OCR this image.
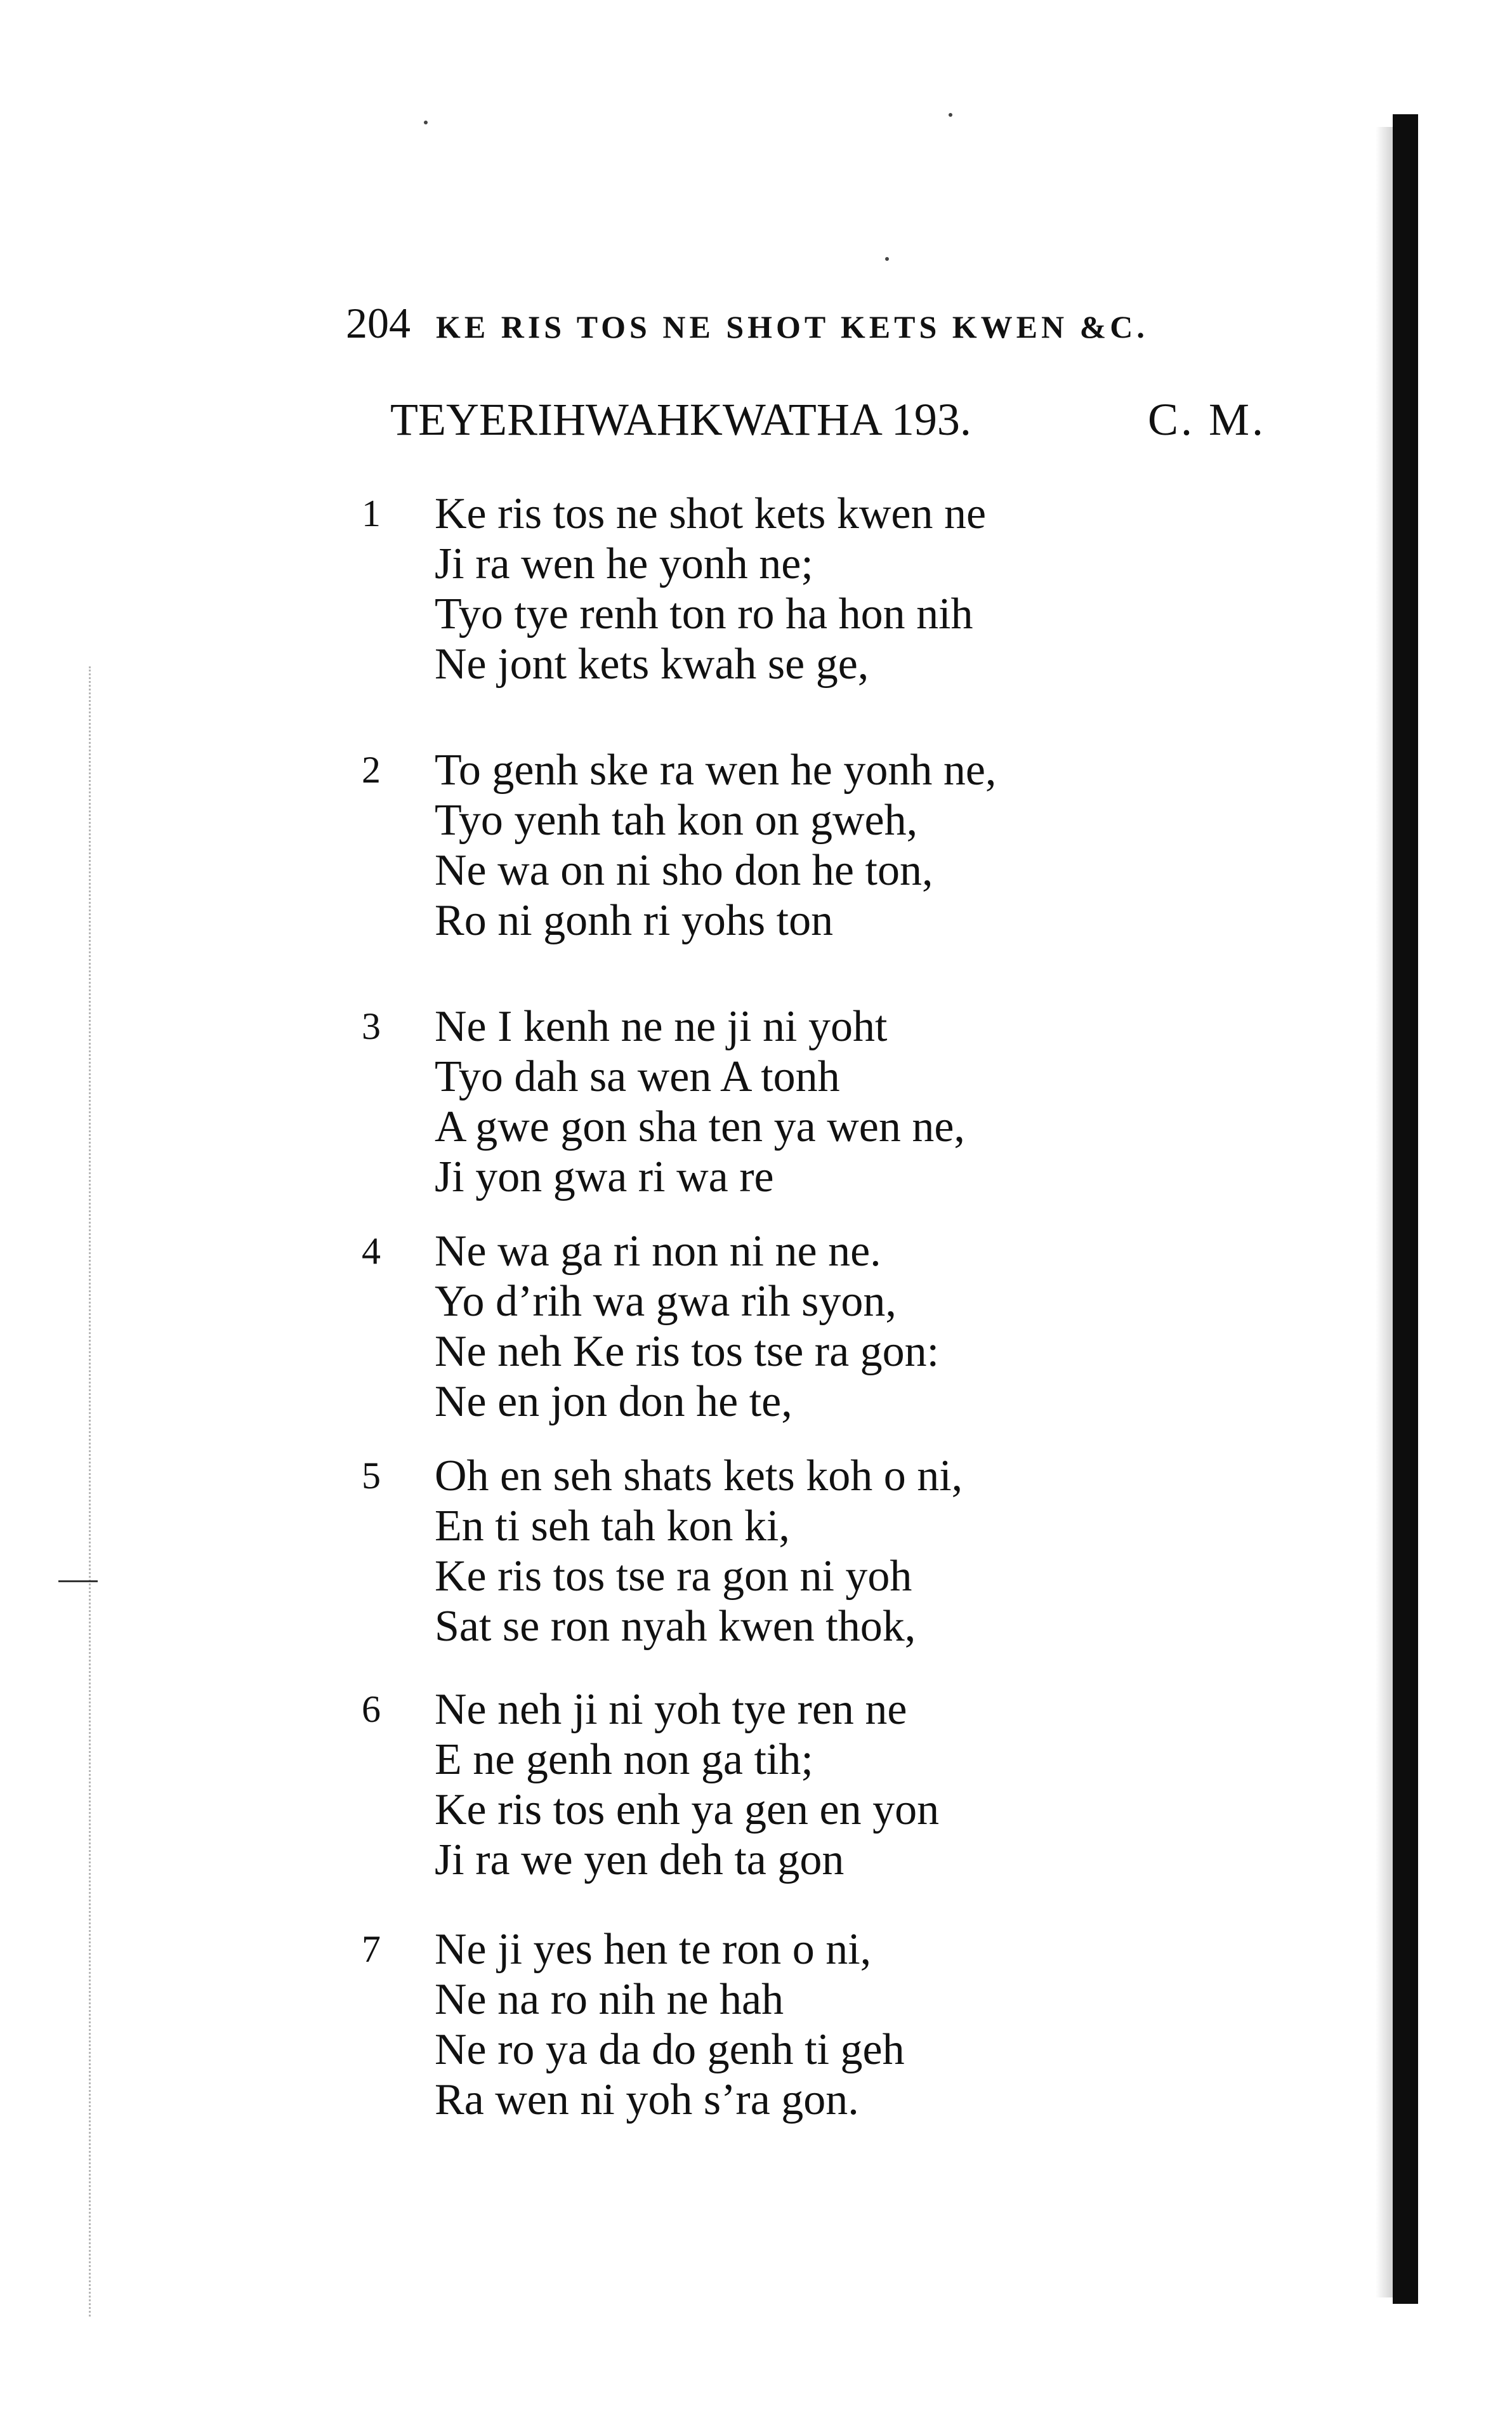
204 KE RIS TOS NE SHOT KETS KWEN &C.
TEYERIHWAHKWATHA 193.	C. M.
1 Ke ris tos ne shot kets kwen ne
Ji ra wen he yonh ne;
Tyo tye renh ton ro ha hon nih
Ne jont kets kwah se ge,
2 To genh ske ra wen he yonh ne,
Tyo yenh tah kon on gweh,
Ne wa on ni sho don he ton,
Ro ni gonh ri yohs ton
3 Ne I kenh ne ne ji ni yoht
Tyo dah sa wen A tonh
A gwe gon sha ten ya wen ne,
Ji yon gwa ri wa re
4 Ne wa ga ri non ni ne ne.
Yo d’rih wa gwa rih syon,
Ne neh Ke ris tos tse ra gon:
Ne en jon don he te,
5 Oh en seh shats kets koh o ni,
En ti seh tah kon ki,
Ke ris tos tse ra gon ni yoh
Sat se ron nyah kwen thok,
6 Ne neh ji ni yoh tye ren ne
E ne genh non ga tih;
Ke ris tos enh ya gen en yon
Ji ra we yen deh ta gon
7 Ne ji yes hen te ron o ni,
Ne na ro nih ne hah
Ne ro ya da do genh ti geh
Ra wen ni yoh s’ra gon.
